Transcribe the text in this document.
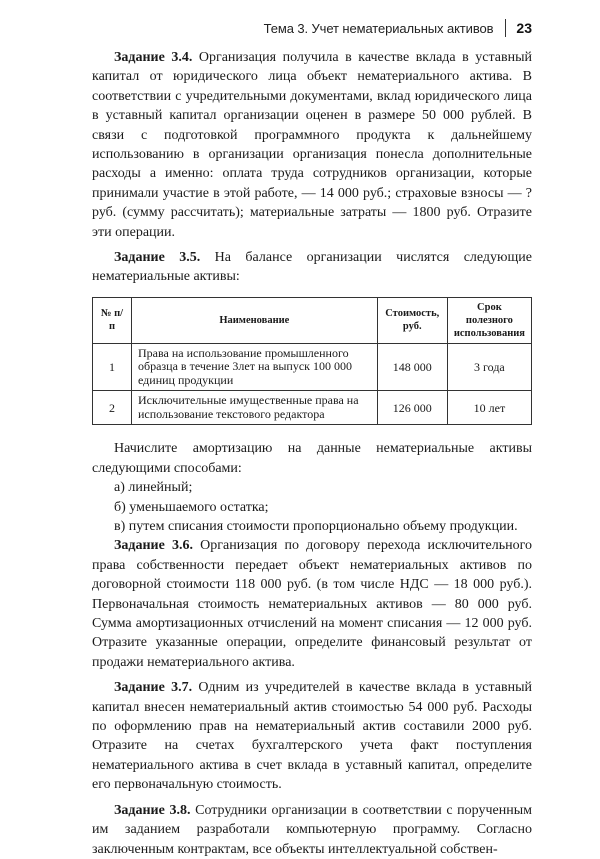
Тема 3. Учет нематериальных активов 23

Задание 3.4. Организация получила в качестве вклада в уставный капитал от юридического лица объект нематериального актива. В соответствии с учредительными документами, вклад юридического лица в уставный капитал организации оценен в размере 50 000 рублей. В связи с подготовкой программного продукта к дальнейшему использованию в организации организация понесла дополнительные расходы а именно: оплата труда сотрудников организации, которые принимали участие в этой работе, — 14 000 руб.; страховые взносы — ? руб. (сумму рассчитать); материальные затраты — 1800 руб. Отразите эти операции.

Задание 3.5. На балансе организации числятся следующие нематериальные активы:

№ п/п	Наименование	Стоимость, руб.	Срок полезного использования
1	Права на использование промышленного образца в течение 3лет на выпуск 100 000 единиц продукции	148 000	3 года
2	Исключительные имущественные права на использование текстового редактора	126 000	10 лет

Начислите амортизацию на данные нематериальные активы следующими способами:

а) линейный;

б) уменьшаемого остатка;

в) путем списания стоимости пропорционально объему продукции.

Задание 3.6. Организация по договору перехода исключительного права собственности передает объект нематериальных активов по договорной стоимости 118 000 руб. (в том числе НДС — 18 000 руб.). Первоначальная стоимость нематериальных активов — 80 000 руб. Сумма амортизационных отчислений на момент списания — 12 000 руб. Отразите указанные операции, определите финансовый результат от продажи нематериального актива.

Задание 3.7. Одним из учредителей в качестве вклада в уставный капитал внесен нематериальный актив стоимостью 54 000 руб. Расходы по оформлению прав на нематериальный актив составили 2000 руб. Отразите на счетах бухгалтерского учета факт поступления нематериального актива в счет вклада в уставный капитал, определите его первоначальную стоимость.

Задание 3.8. Сотрудники организации в соответствии с порученным им заданием разработали компьютерную программу. Согласно заключенным контрактам, все объекты интеллектуальной собствен-
